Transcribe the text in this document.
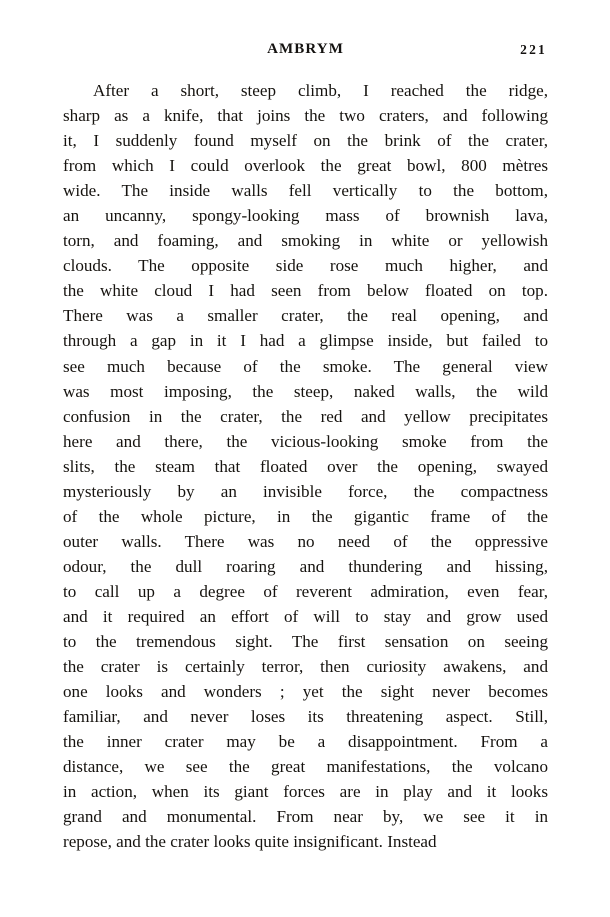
AMBRYM	221

After a short, steep climb, I reached the ridge,
sharp as a knife, that joins the two craters, and following
it, I suddenly found myself on the brink of the crater,
from which I could overlook the great bowl, 800 mètres
wide. The inside walls fell vertically to the bottom,
an uncanny, spongy-looking mass of brownish lava,
torn, and foaming, and smoking in white or yellowish
clouds. The opposite side rose much higher, and
the white cloud I had seen from below floated on top.
There was a smaller crater, the real opening, and
through a gap in it I had a glimpse inside, but failed to
see much because of the smoke. The general view
was most imposing, the steep, naked walls, the wild
confusion in the crater, the red and yellow precipitates
here and there, the vicious-looking smoke from the
slits, the steam that floated over the opening, swayed
mysteriously by an invisible force, the compactness
of the whole picture, in the gigantic frame of the
outer walls. There was no need of the oppressive
odour, the dull roaring and thundering and hissing,
to call up a degree of reverent admiration, even fear,
and it required an effort of will to stay and grow used
to the tremendous sight. The first sensation on seeing
the crater is certainly terror, then curiosity awakens, and
one looks and wonders ; yet the sight never becomes
familiar, and never loses its threatening aspect. Still,
the inner crater may be a disappointment. From a
distance, we see the great manifestations, the volcano
in action, when its giant forces are in play and it looks
grand and monumental. From near by, we see it in
repose, and the crater looks quite insignificant. Instead
